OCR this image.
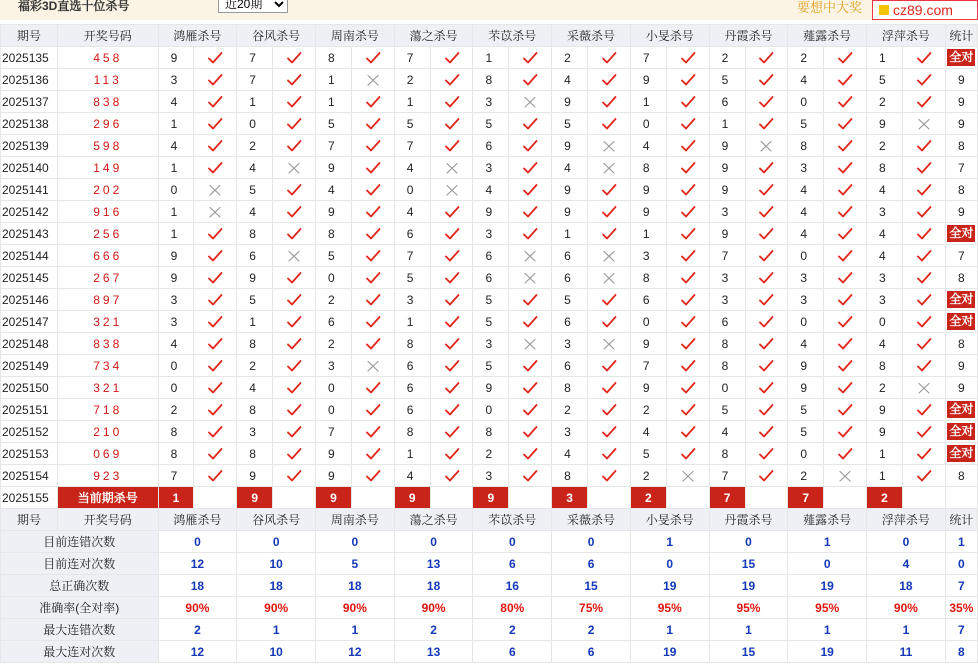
福彩3D直选十位杀号
近20期	要想中大奖 cz89.com
期号	开奖号码	鸿雁杀号		谷风杀号		周南杀号		蕩之杀号		芣苡杀号		采薇杀号		小旻杀号		丹霞杀号		薤露杀号		浮萍杀号		统计
2025135	458	9		7		8		7		1		2		7		2		2		1		全对
2025136	113	3		7		1		2		8		4		9		5		4		5		9
2025137	838	4		1		1		1		3		9		1		6		0		2		9
2025138	296	1		0		5		5		5		5		0		1		5		9		9
2025139	598	4		2		7		7		6		9		4		9		8		2		8
2025140	149	1		4		9		4		3		4		8		9		3		8		7
2025141	202	0		5		4		0		4		9		9		9		4		4		8
2025142	916	1		4		9		4		9		9		9		3		4		3		9
2025143	256	1		8		8		6		3		1		1		9		4		4		全对
2025144	666	9		6		5		7		6		6		3		7		0		4		7
2025145	267	9		9		0		5		6		6		8		3		3		3		8
2025146	897	3		5		2		3		5		5		6		3		3		3		全对
2025147	321	3		1		6		1		5		6		0		6		0		0		全对
2025148	838	4		8		2		8		3		3		9		8		4		4		8
2025149	734	0		2		3		6		5		6		7		8		9		8		9
2025150	321	0		4		0		6		9		8		9		0		9		2		9
2025151	718	2		8		0		6		0		2		2		5		5		9		全对
2025152	210	8		3		7		8		8		3		4		4		5		9		全对
2025153	069	8		8		9		1		2		4		5		8		0		1		全对
2025154	923	7		9		9		4		3		8		2		7		2		1		8
2025155	当前期杀号	1		9		9		9		9		3		2		7		7		2		
期号	开奖号码	鸿雁杀号		谷风杀号		周南杀号		蕩之杀号		芣苡杀号		采薇杀号		小旻杀号		丹霞杀号		薤露杀号		浮萍杀号		统计
目前连错次数		0		0		0		0		0		0		1		0		1		0		1
目前连对次数		12		10		5		13		6		6		0		15		0		4		0
总正确次数		18		18		18		18		16		15		19		19		19		18		7
准确率(全对率)		90%		90%		90%		90%		80%		75%		95%		95%		95%		90%		35%
最大连错次数		2		1		1		2		2		2		1		1		1		1		7
最大连对次数		12		10		12		13		6		6		19		15		19		11		8
